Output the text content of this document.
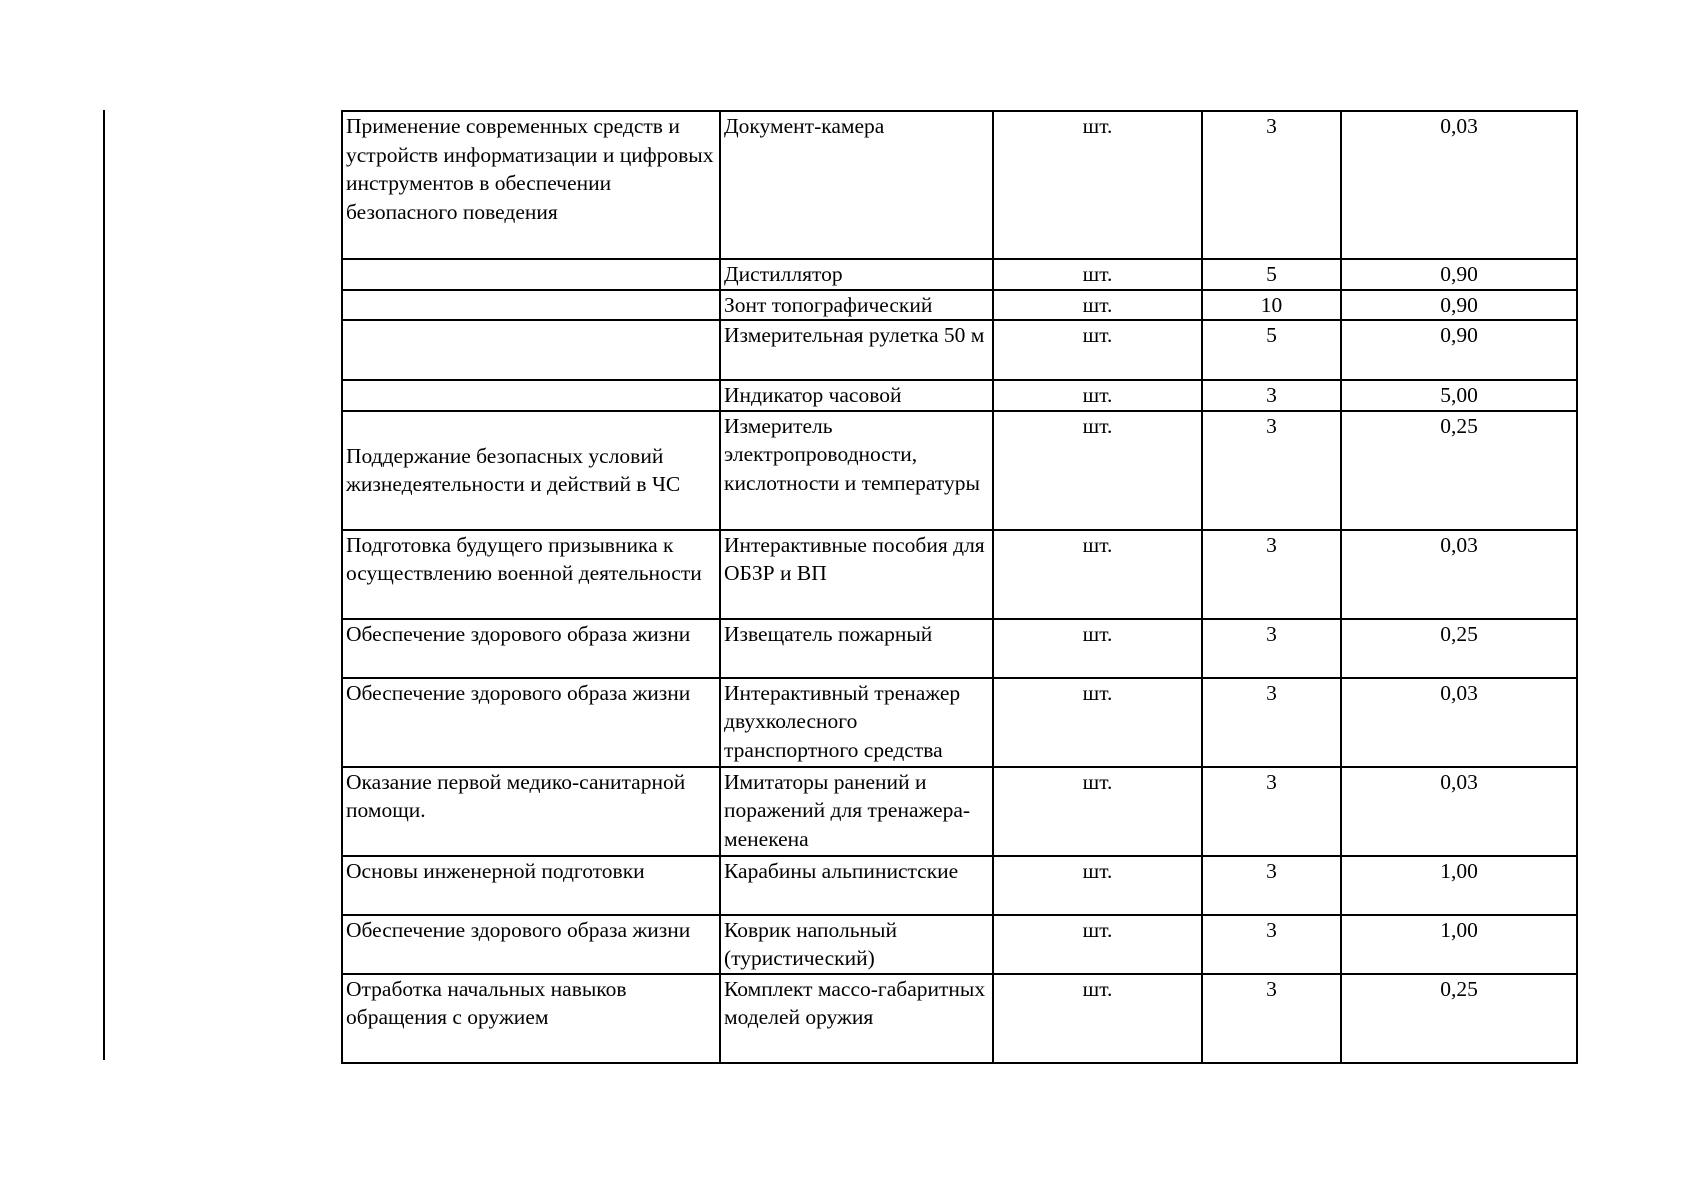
Применение современных средств и устройств информатизации и цифровых инструментов в обеспечении безопасного поведения	Документ-камера	шт.	3	0,03
	Дистиллятор	шт.	5	0,90
	Зонт топографический	шт.	10	0,90
	Измерительная рулетка 50 м	шт.	5	0,90
	Индикатор часовой	шт.	3	5,00
Поддержание безопасных условий жизнедеятельности и действий в ЧС	Измеритель электропроводности, кислотности и температуры	шт.	3	0,25
Подготовка будущего призывника к осуществлению военной деятельности	Интерактивные пособия для ОБЗР и ВП	шт.	3	0,03
Обеспечение здорового образа жизни	Извещатель пожарный	шт.	3	0,25
Обеспечение здорового образа жизни	Интерактивный тренажер двухколесного транспортного средства	шт.	3	0,03
Оказание первой медико-санитарной помощи.	Имитаторы ранений и поражений для тренажера-менекена	шт.	3	0,03
Основы инженерной подготовки	Карабины альпинистские	шт.	3	1,00
Обеспечение здорового образа жизни	Коврик напольный (туристический)	шт.	3	1,00
Отработка начальных навыков обращения с оружием	Комплект массо-габаритных моделей оружия	шт.	3	0,25
